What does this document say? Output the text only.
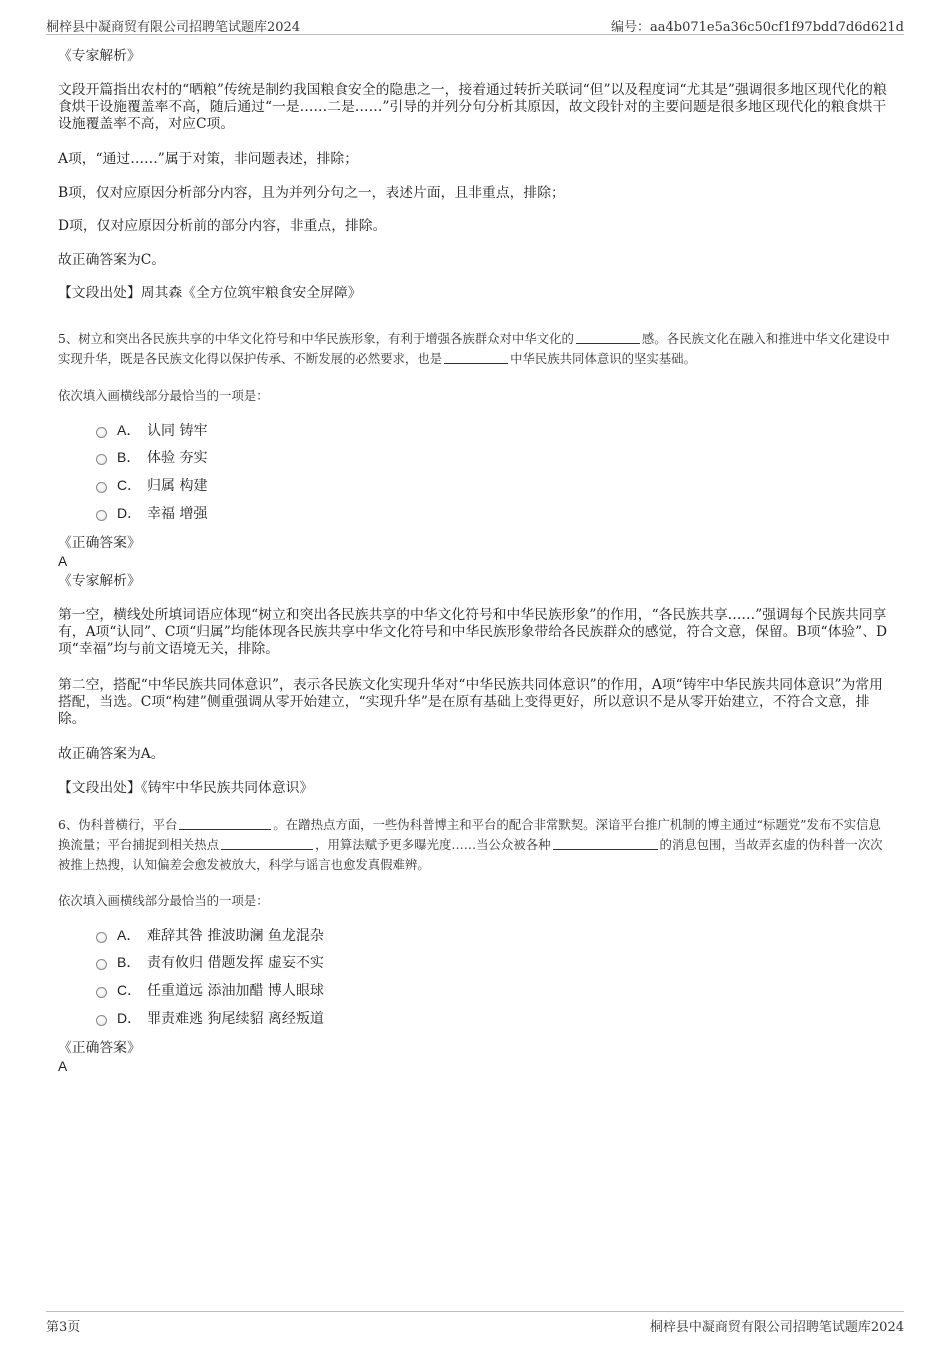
桐梓县中凝商贸有限公司招聘笔试题库2024	编号：aa4b071e5a36c50cf1f97bdd7d6d621d
《专家解析》
文段开篇指出农村的“晒粮”传统是制约我国粮食安全的隐患之一，接着通过转折关联词“但”以及程度词“尤其是”强调很多地区现代化的粮食烘干设施覆盖率不高，随后通过“一是……二是……”引导的并列分句分析其原因，故文段针对的主要问题是很多地区现代化的粮食烘干设施覆盖率不高，对应C项。
A项，“通过……”属于对策，非问题表述，排除；
B项，仅对应原因分析部分内容，且为并列分句之一，表述片面，且非重点，排除；
D项，仅对应原因分析前的部分内容，非重点，排除。
故正确答案为C。
【文段出处】周其森《全方位筑牢粮食安全屏障》
5、树立和突出各民族共享的中华文化符号和中华民族形象，有利于增强各族群众对中华文化的	感。各民族文化在融入和推进中华文化建设中实现升华，既是各民族文化得以保护传承、不断发展的必然要求，也是	中华民族共同体意识的坚实基础。
依次填入画横线部分最恰当的一项是：
A． 认同 铸牢
B． 体验 夯实
C． 归属 构建
D． 幸福 增强
《正确答案》
A
《专家解析》
第一空，横线处所填词语应体现“树立和突出各民族共享的中华文化符号和中华民族形象”的作用，“各民族共享……”强调每个民族共同享有，A项“认同”、C项“归属”均能体现各民族共享中华文化符号和中华民族形象带给各民族群众的感觉，符合文意，保留。B项“体验”、D项“幸福”均与前文语境无关，排除。
第二空，搭配“中华民族共同体意识”，表示各民族文化实现升华对“中华民族共同体意识”的作用，A项“铸牢中华民族共同体意识”为常用搭配，当选。C项“构建”侧重强调从零开始建立，“实现升华”是在原有基础上变得更好，所以意识不是从零开始建立，不符合文意，排除。
故正确答案为A。
【文段出处】《铸牢中华民族共同体意识》
6、伪科普横行，平台	。在蹭热点方面，一些伪科普博主和平台的配合非常默契。深谙平台推广机制的博主通过“标题党”发布不实信息换流量；平台捕捉到相关热点	，用算法赋予更多曝光度……当公众被各种	的消息包围，当故弄玄虚的伪科普一次次被推上热搜，认知偏差会愈发被放大，科学与谣言也愈发真假难辨。
依次填入画横线部分最恰当的一项是：
A． 难辞其咎 推波助澜 鱼龙混杂
B． 责有攸归 借题发挥 虚妄不实
C． 任重道远 添油加醋 博人眼球
D． 罪责难逃 狗尾续貂 离经叛道
《正确答案》
A
第3页	桐梓县中凝商贸有限公司招聘笔试题库2024
